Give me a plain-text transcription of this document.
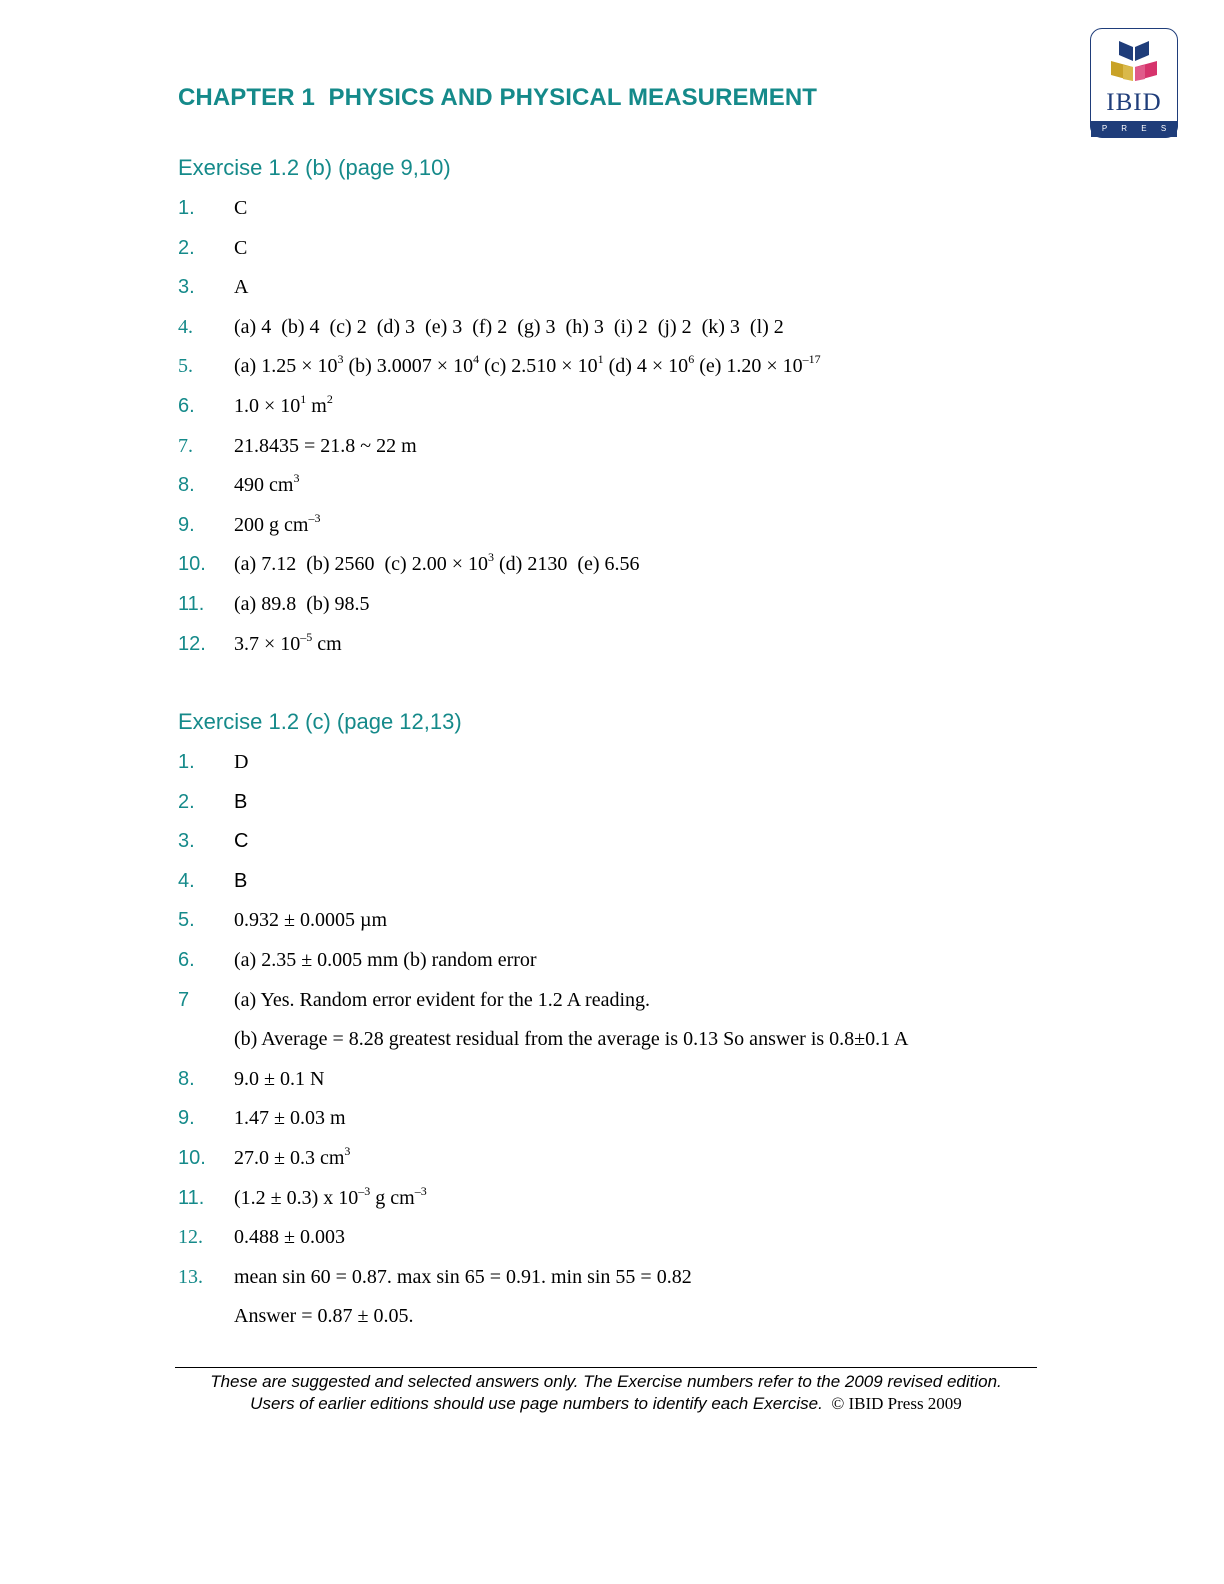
CHAPTER 1  PHYSICS AND PHYSICAL MEASUREMENT	IBID
P R E S S
Exercise 1.2 (b) (page 9,10)
1. C
2. C
3. A
4. (a) 4  (b) 4  (c) 2  (d) 3  (e) 3  (f) 2  (g) 3  (h) 3  (i) 2  (j) 2  (k) 3  (l) 2
5. (a) $1.25 \times 10^3$ (b) $3.0007 \times 10^4$ (c) $2.510 \times 10^1$ (d) $4 \times 10^6$ (e) $1.20 \times 10^{-17}$
6. $1.0 \times 10^1$ $m^2$
7. 21.8435 = 21.8 ~ 22 m
8. 490 $cm^3$
9. 200 g $cm^{-3}$
10. (a) 7.12  (b) 2560  (c) $2.00 \times 10^3$ (d) 2130  (e) 6.56
11. (a) 89.8  (b) 98.5
12. $3.7 \times 10^{-5}$ cm
Exercise 1.2 (c) (page 12,13)
1. D
2. B
3. C
4. B
5. 0.932 ± 0.0005 µm
6. (a) 2.35 ± 0.005 mm (b) random error
7 (a) Yes. Random error evident for the 1.2 A reading.
(b) Average = 8.28 greatest residual from the average is 0.13 So answer is 0.8±0.1 A
8. 9.0 ± 0.1 N
9. 1.47 ± 0.03 m
10. 27.0 ± 0.3 $cm^3$
11. (1.2 ± 0.3) x $10^{-3}$ g $cm^{-3}$
12. 0.488 ± 0.003
13. mean sin 60 = 0.87. max sin 65 = 0.91. min sin 55 = 0.82
Answer = 0.87 ± 0.05.
These are suggested and selected answers only. The Exercise numbers refer to the 2009 revised edition.
Users of earlier editions should use page numbers to identify each Exercise. © IBID Press 2009
